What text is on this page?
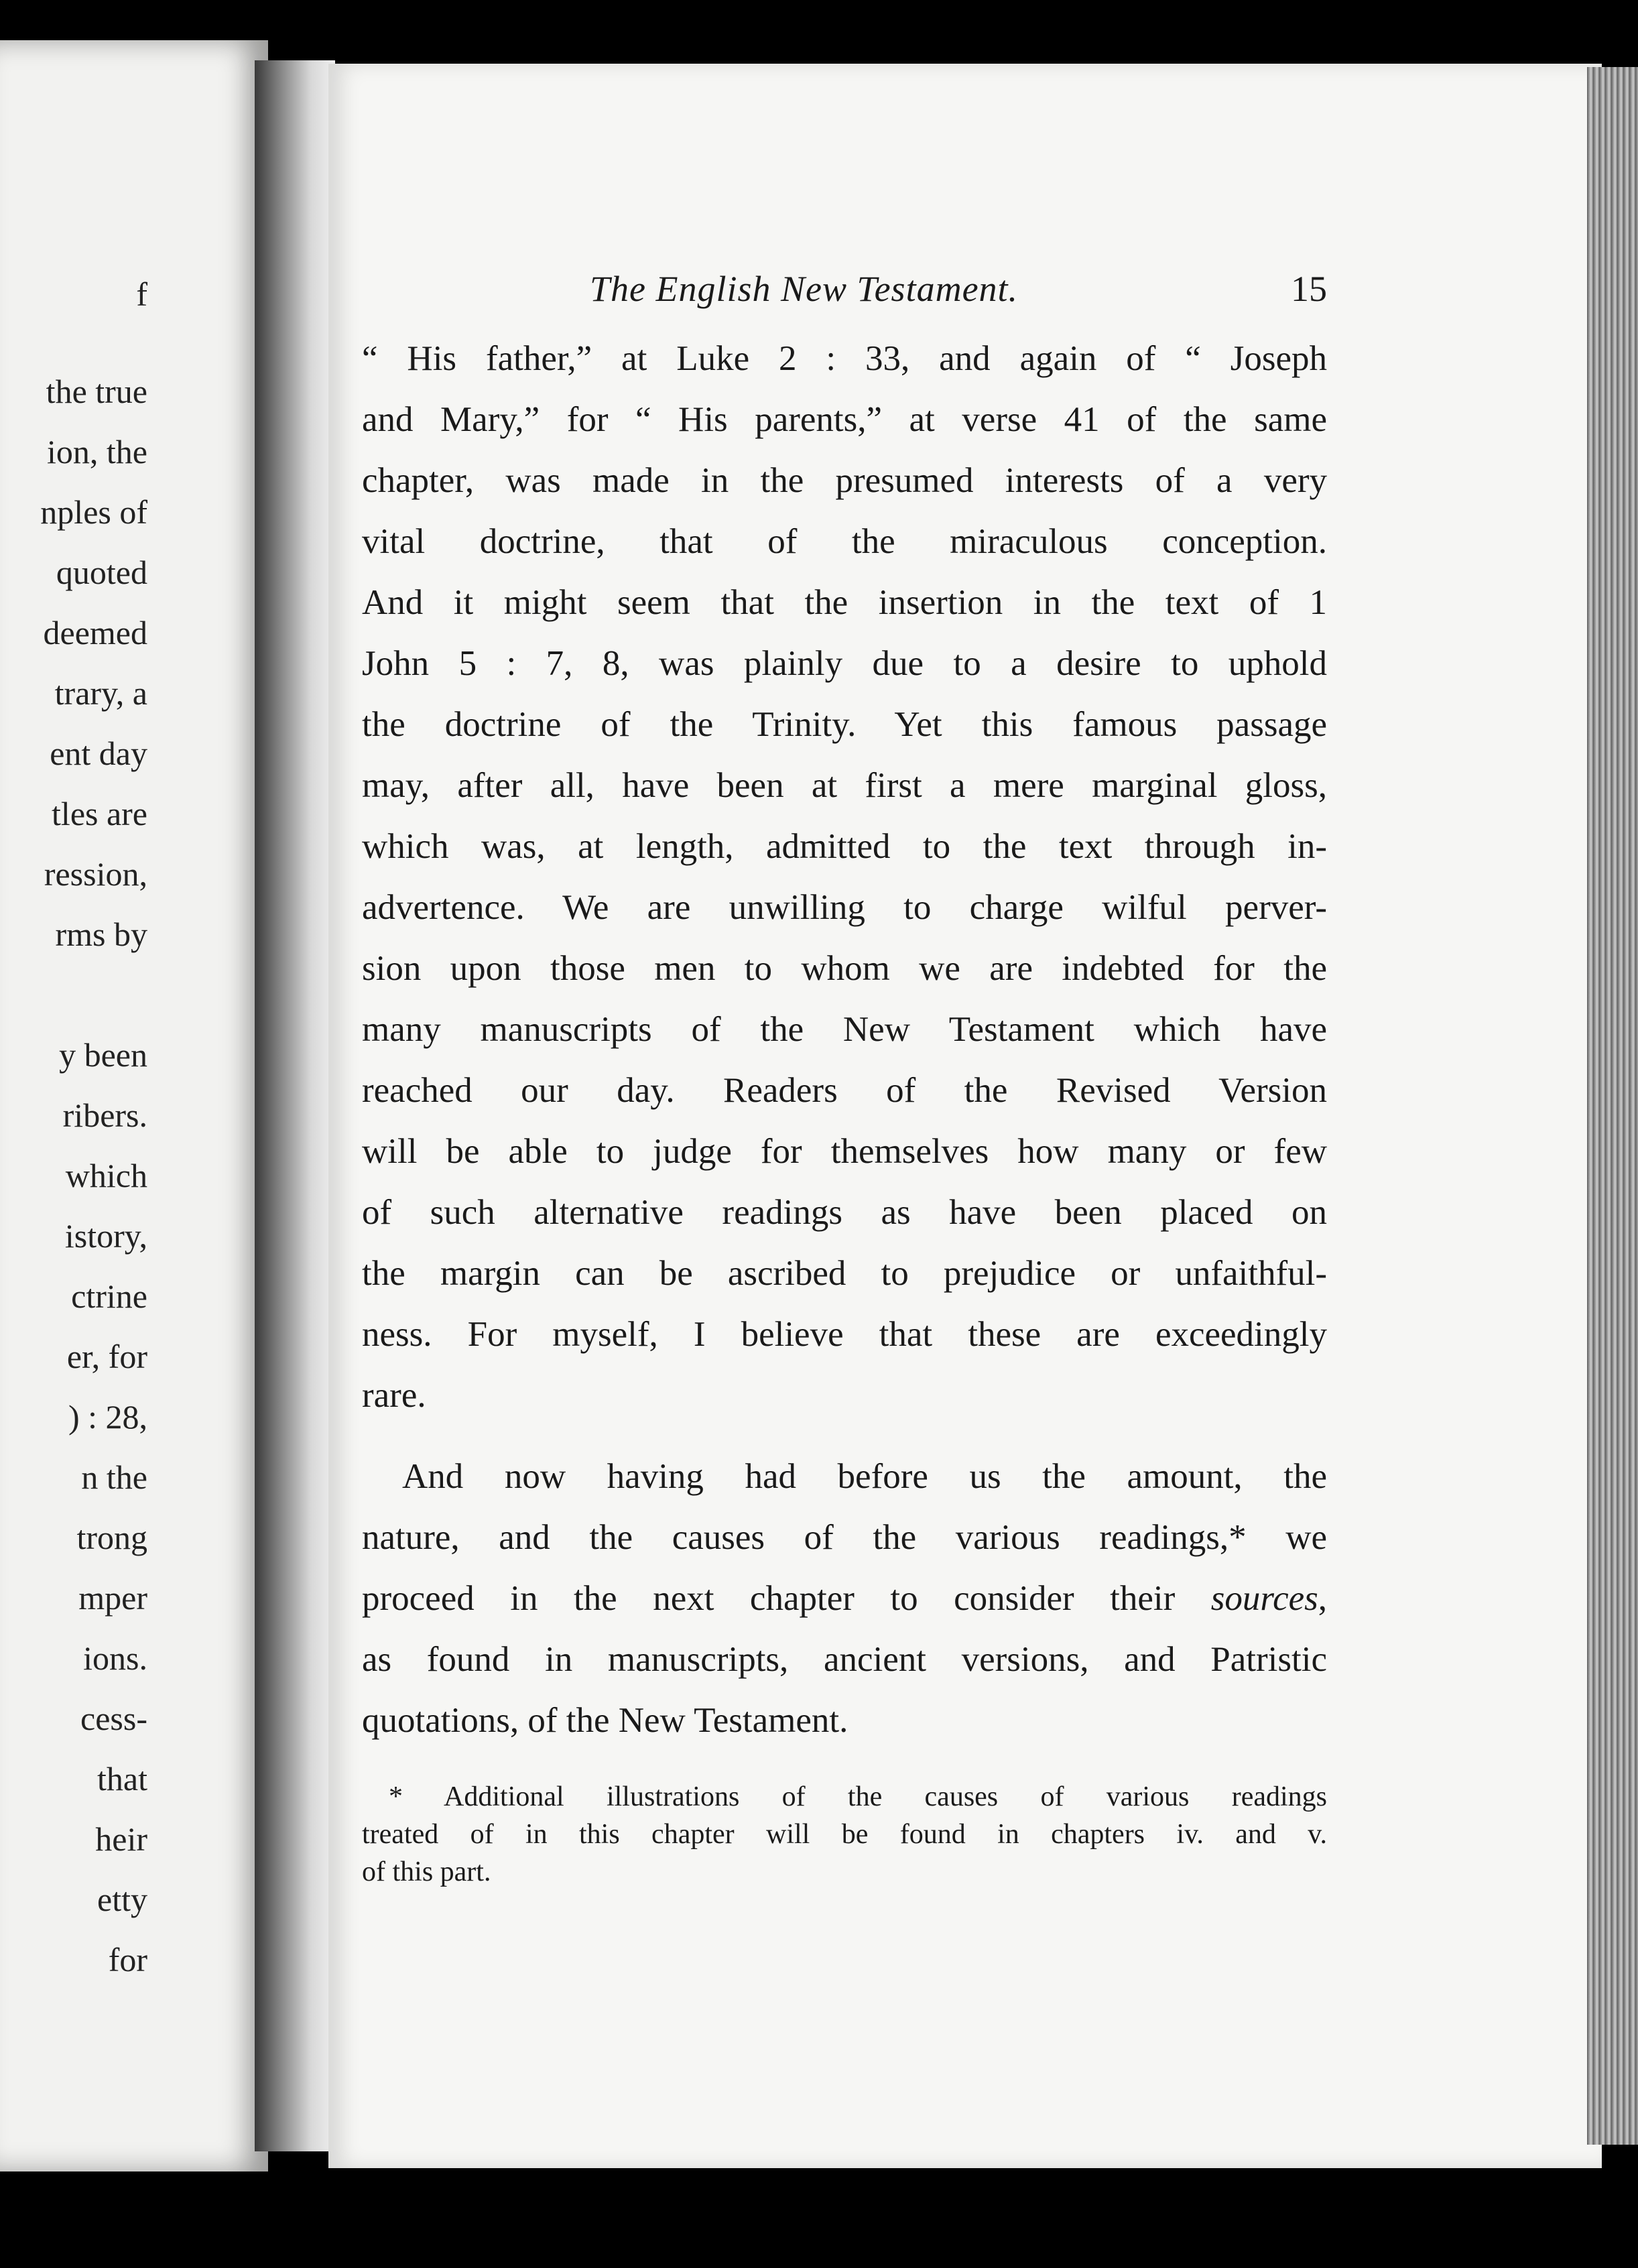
f
the true
ion, the
nples of
quoted
deemed
trary, a
ent day
tles are
ression,
rms by
y been
ribers.
which
istory,
ctrine
er, for
) : 28,
n the
trong
mper
ions.
cess-
that
heir
etty
for
The English New Testament.	15
“ His father,” at Luke 2 : 33, and again of “ Joseph
and Mary,” for “ His parents,” at verse 41 of the same
chapter, was made in the presumed interests of a very
vital doctrine, that of the miraculous conception.
And it might seem that the insertion in the text of 1
John 5 : 7, 8, was plainly due to a desire to uphold
the doctrine of the Trinity. Yet this famous passage
may, after all, have been at first a mere marginal gloss,
which was, at length, admitted to the text through in-
advertence. We are unwilling to charge wilful perver-
sion upon those men to whom we are indebted for the
many manuscripts of the New Testament which have
reached our day. Readers of the Revised Version
will be able to judge for themselves how many or few
of such alternative readings as have been placed on
the margin can be ascribed to prejudice or unfaithful-
ness. For myself, I believe that these are exceedingly
rare.
And now having had before us the amount, the
nature, and the causes of the various readings,* we
proceed in the next chapter to consider their sources,
as found in manuscripts, ancient versions, and Patristic
quotations, of the New Testament.
* Additional illustrations of the causes of various readings
treated of in this chapter will be found in chapters iv. and v.
of this part.
